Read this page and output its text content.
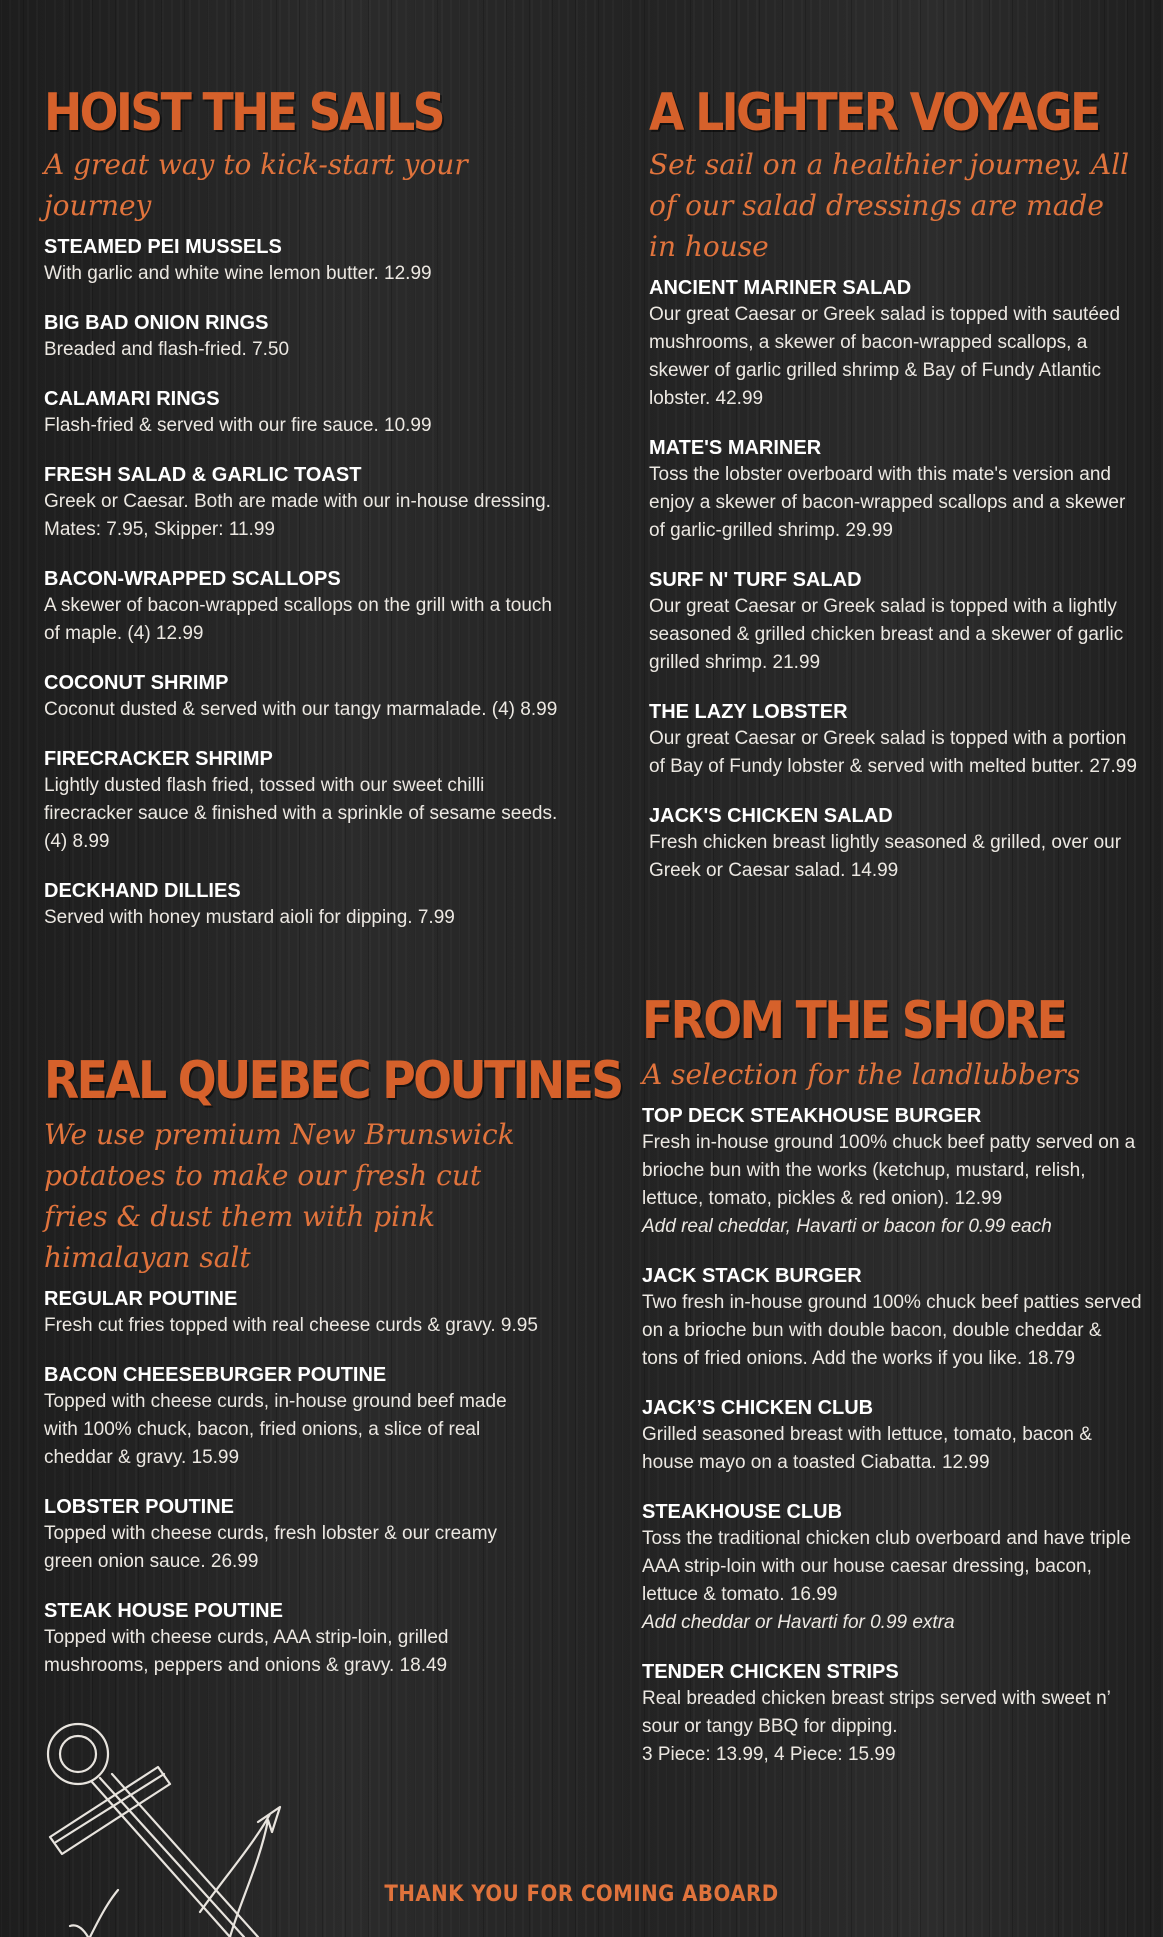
HOIST THE SAILS

A great way to kick-start your journey

STEAMED PEI MUSSELS
With garlic and white wine lemon butter. 12.99
BIG BAD ONION RINGS
Breaded and flash-fried. 7.50
CALAMARI RINGS
Flash-fried & served with our fire sauce. 10.99
FRESH SALAD & GARLIC TOAST
Greek or Caesar. Both are made with our in-house dressing. Mates: 7.95, Skipper: 11.99
BACON-WRAPPED SCALLOPS
A skewer of bacon-wrapped scallops on the grill with a touch of maple. (4) 12.99
COCONUT SHRIMP
Coconut dusted & served with our tangy marmalade. (4) 8.99
FIRECRACKER SHRIMP
Lightly dusted flash fried, tossed with our sweet chilli firecracker sauce & finished with a sprinkle of sesame seeds. (4) 8.99
DECKHAND DILLIES
Served with honey mustard aioli for dipping. 7.99
REAL QUEBEC POUTINES

We use premium New Brunswick potatoes to make our fresh cut fries & dust them with pink himalayan salt

REGULAR POUTINE
Fresh cut fries topped with real cheese curds & gravy. 9.95
BACON CHEESEBURGER POUTINE
Topped with cheese curds, in-house ground beef made with 100% chuck, bacon, fried onions, a slice of real cheddar & gravy. 15.99
LOBSTER POUTINE
Topped with cheese curds, fresh lobster & our creamy green onion sauce. 26.99
STEAK HOUSE POUTINE
Topped with cheese curds, AAA strip-loin, grilled mushrooms, peppers and onions & gravy. 18.49
A LIGHTER VOYAGE

Set sail on a healthier journey. All of our salad dressings are made in house

ANCIENT MARINER SALAD
Our great Caesar or Greek salad is topped with sautéed mushrooms, a skewer of bacon-wrapped scallops, a skewer of garlic grilled shrimp & Bay of Fundy Atlantic lobster. 42.99
MATE'S MARINER
Toss the lobster overboard with this mate's version and enjoy a skewer of bacon-wrapped scallops and a skewer of garlic-grilled shrimp. 29.99
SURF N' TURF SALAD
Our great Caesar or Greek salad is topped with a lightly seasoned & grilled chicken breast and a skewer of garlic grilled shrimp. 21.99
THE LAZY LOBSTER
Our great Caesar or Greek salad is topped with a portion of Bay of Fundy lobster & served with melted butter. 27.99
JACK'S CHICKEN SALAD
Fresh chicken breast lightly seasoned & grilled, over our Greek or Caesar salad. 14.99
FROM THE SHORE

A selection for the landlubbers

TOP DECK STEAKHOUSE BURGER
Fresh in-house ground 100% chuck beef patty served on a brioche bun with the works (ketchup, mustard, relish, lettuce, tomato, pickles & red onion). 12.99
Add real cheddar, Havarti or bacon for 0.99 each
JACK STACK BURGER
Two fresh in-house ground 100% chuck beef patties served on a brioche bun with double bacon, double cheddar & tons of fried onions. Add the works if you like. 18.79
JACK’S CHICKEN CLUB
Grilled seasoned breast with lettuce, tomato, bacon & house mayo on a toasted Ciabatta. 12.99
STEAKHOUSE CLUB
Toss the traditional chicken club overboard and have triple AAA strip-loin with our house caesar dressing, bacon, lettuce & tomato. 16.99
Add cheddar or Havarti for 0.99 extra
TENDER CHICKEN STRIPS
Real breaded chicken breast strips served with sweet n’ sour or tangy BBQ for dipping.
3 Piece: 13.99, 4 Piece: 15.99
THANK YOU FOR COMING ABOARD
